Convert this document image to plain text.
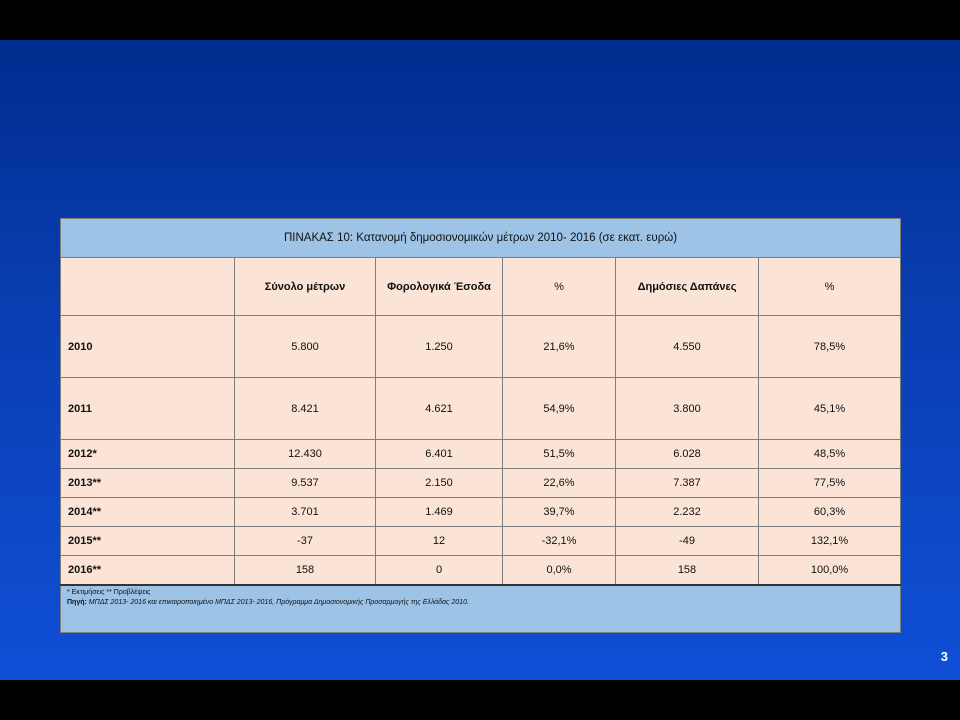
ΠΙΝΑΚΑΣ 10: Κατανομή δημοσιονομικών μέτρων 2010- 2016 (σε εκατ. ευρώ)					
	Σύνολο μέτρων	Φορολογικά Έσοδα	%	Δημόσιες Δαπάνες	%
2010	5.800	1.250	21,6%	4.550	78,5%
2011	8.421	4.621	54,9%	3.800	45,1%
2012*	12.430	6.401	51,5%	6.028	48,5%
2013**	9.537	2.150	22,6%	7.387	77,5%
2014**	3.701	1.469	39,7%	2.232	60,3%
2015**	-37	12	-32,1%	-49	132,1%
2016**	158	0	0,0%	158	100,0%

* Εκτιμήσεις ** Προβλέψεις
Πηγή: ΜΠΔΣ 2013- 2016 και επικαιροποιημένο ΜΠΔΣ 2013- 2016, Πρόγραμμα Δημοσιονομικής Προσαρμογής της Ελλάδας 2010.					
3
